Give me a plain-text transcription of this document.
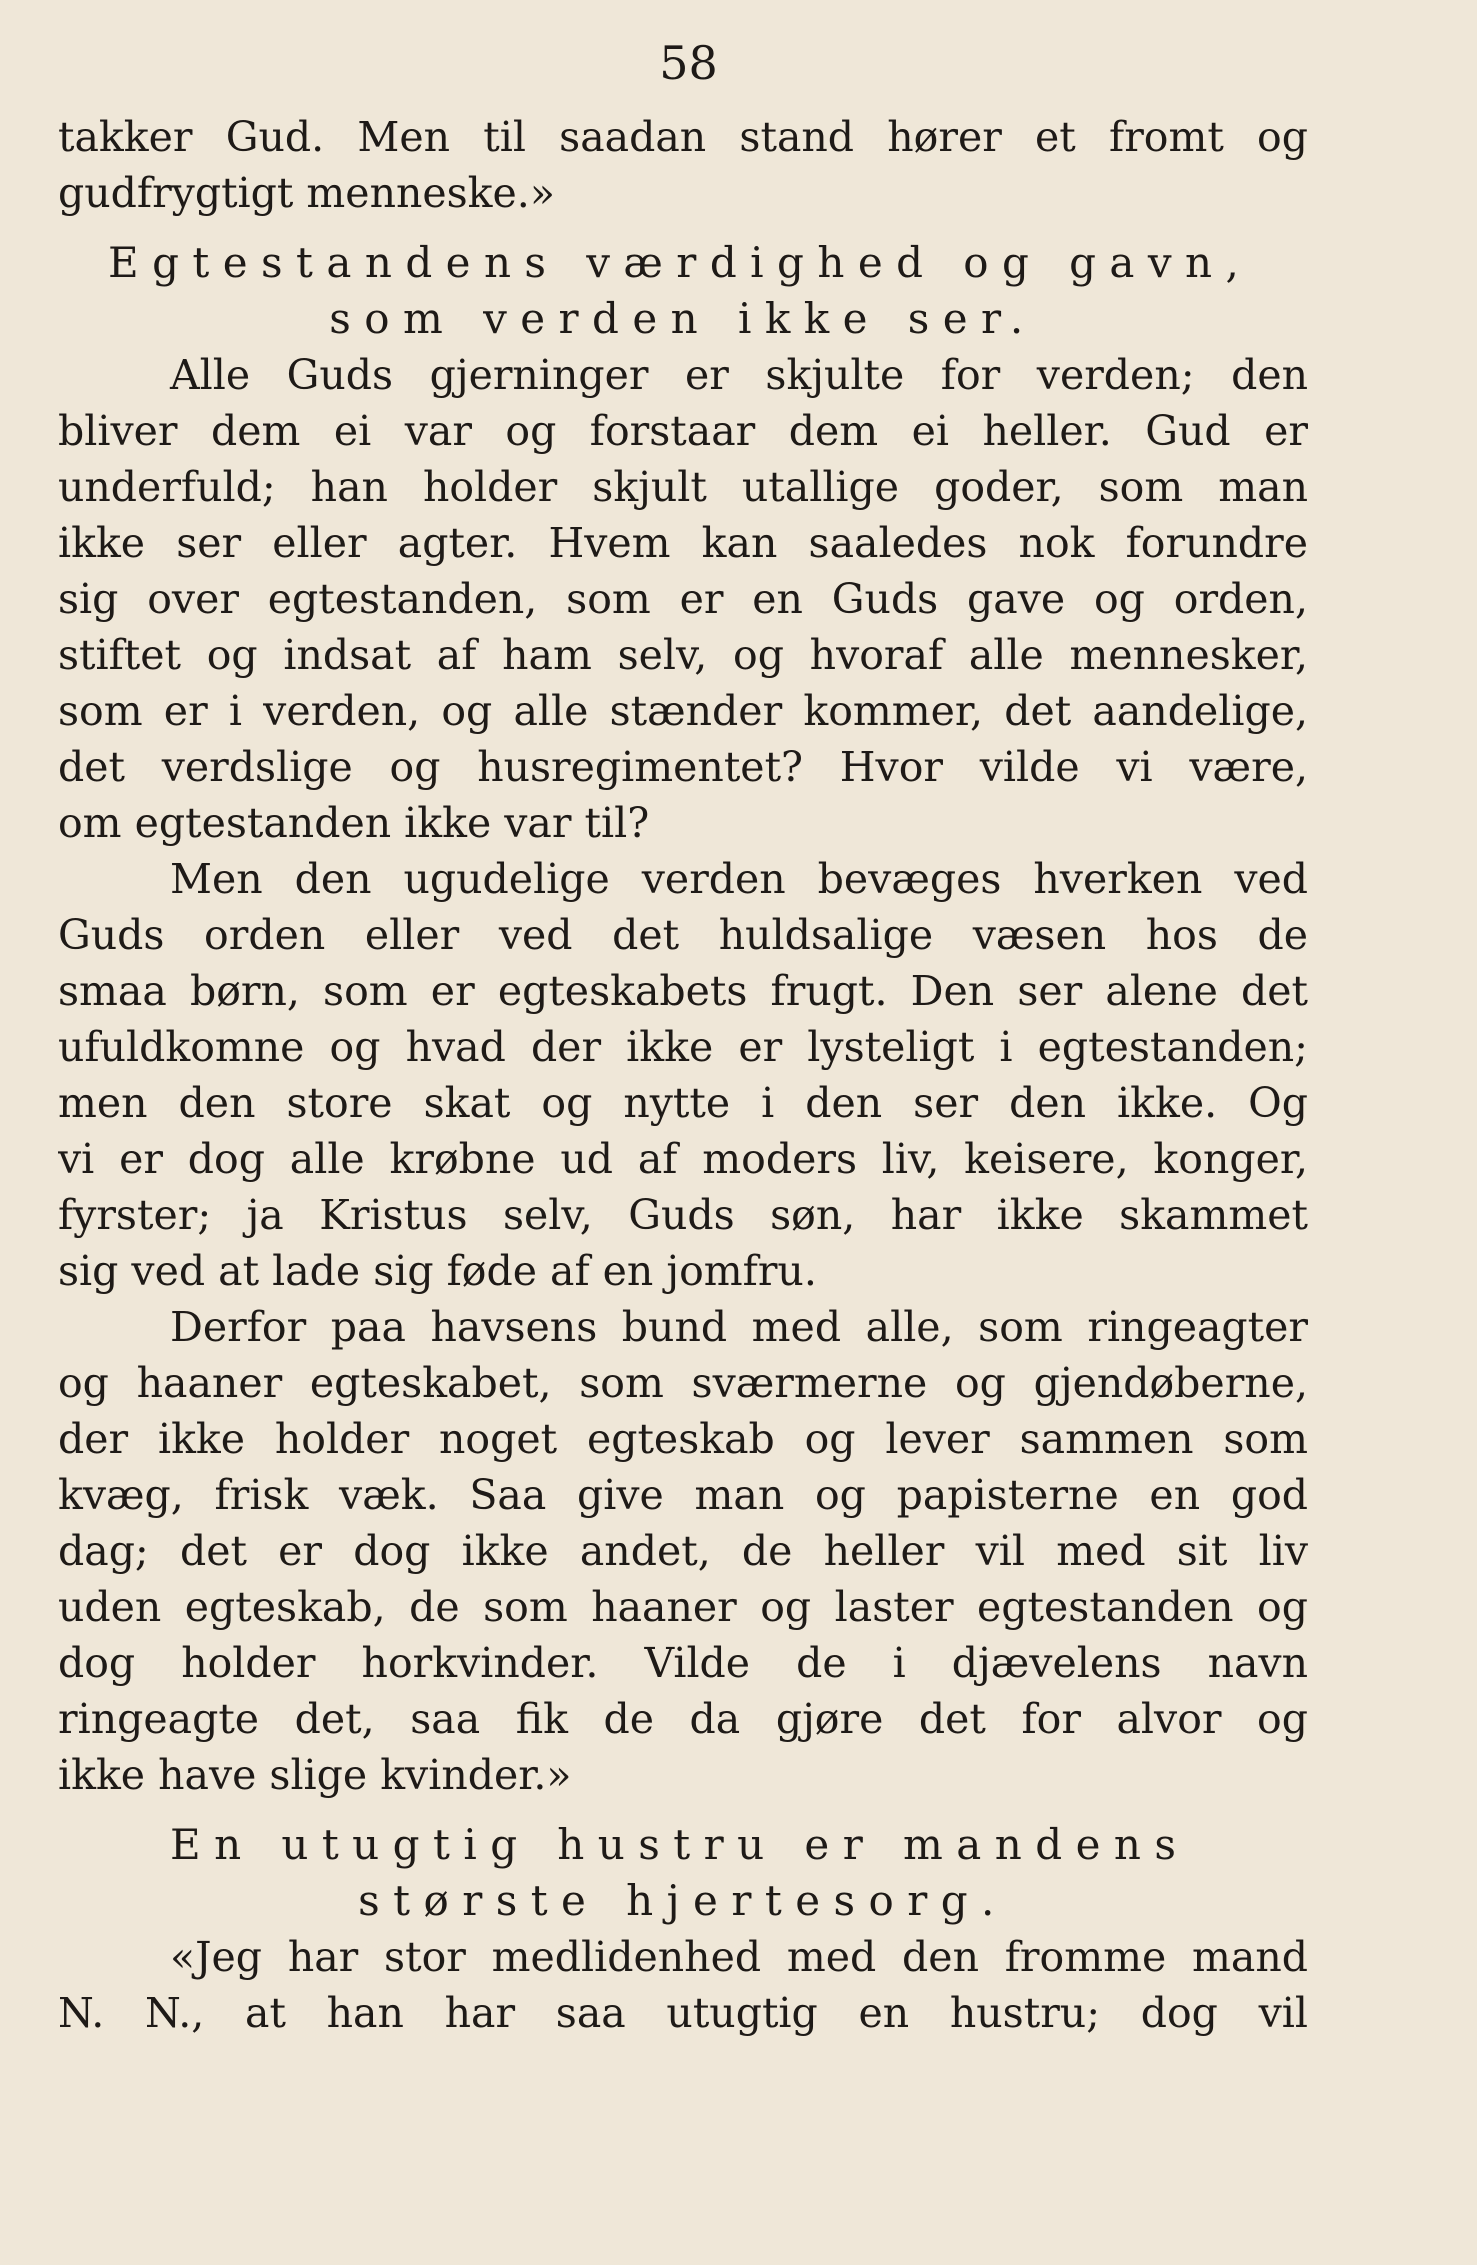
58
takker Gud. Men til saadan stand hører et fromt og
gudfrygtigt menneske.»
Egtestandens værdighed og gavn,
som verden ikke ser.
Alle Guds gjerninger er skjulte for verden; den
bliver dem ei var og forstaar dem ei heller. Gud er
underfuld; han holder skjult utallige goder, som man
ikke ser eller agter. Hvem kan saaledes nok forundre
sig over egtestanden, som er en Guds gave og orden,
stiftet og indsat af ham selv, og hvoraf alle mennesker,
som er i verden, og alle stænder kommer, det aandelige,
det verdslige og husregimentet? Hvor vilde vi være,
om egtestanden ikke var til?
Men den ugudelige verden bevæges hverken ved
Guds orden eller ved det huldsalige væsen hos de
smaa børn, som er egteskabets frugt. Den ser alene det
ufuldkomne og hvad der ikke er lysteligt i egtestanden;
men den store skat og nytte i den ser den ikke. Og
vi er dog alle krøbne ud af moders liv, keisere, konger,
fyrster; ja Kristus selv, Guds søn, har ikke skammet
sig ved at lade sig føde af en jomfru.
Derfor paa havsens bund med alle, som ringeagter
og haaner egteskabet, som sværmerne og gjendøberne,
der ikke holder noget egteskab og lever sammen som
kvæg, frisk væk. Saa give man og papisterne en god
dag; det er dog ikke andet, de heller vil med sit liv
uden egteskab, de som haaner og laster egtestanden og
dog holder horkvinder. Vilde de i djævelens navn
ringeagte det, saa fik de da gjøre det for alvor og
ikke have slige kvinder.»
En utugtig hustru er mandens
største hjertesorg.
«Jeg har stor medlidenhed med den fromme mand
N. N., at han har saa utugtig en hustru; dog vil
